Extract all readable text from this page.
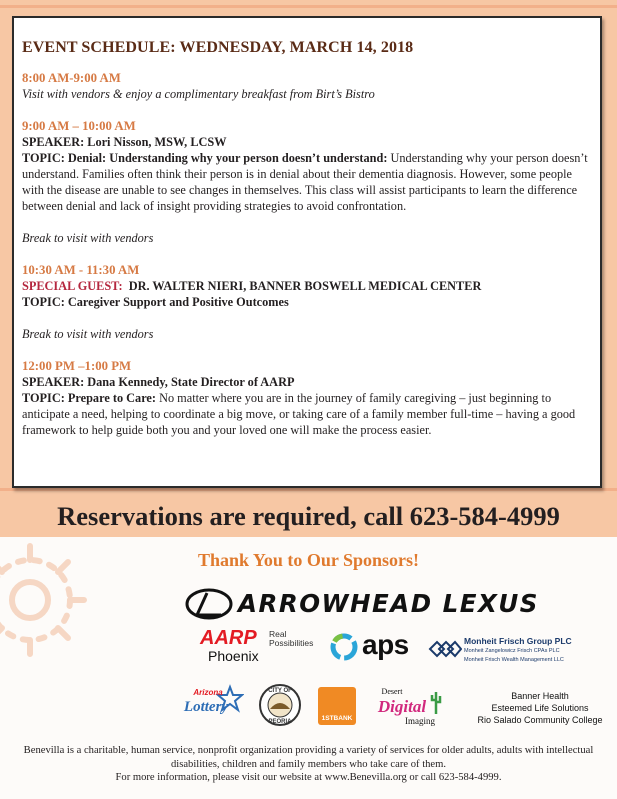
EVENT SCHEDULE: WEDNESDAY, MARCH 14, 2018

8:00 AM-9:00 AM

Visit with vendors & enjoy a complimentary breakfast from Birt’s Bistro

9:00 AM – 10:00 AM

SPEAKER: Lori Nisson, MSW, LCSW

TOPIC: Denial: Understanding why your person doesn’t understand: Understanding why your person doesn’t understand. Families often think their person is in denial about their dementia diagnosis. However, some people with the disease are unable to see changes in themselves. This class will assist participants to learn the difference between denial and lack of insight providing strategies to avoid confrontation.

Break to visit with vendors

10:30 AM - 11:30 AM

SPECIAL GUEST:  DR. WALTER NIERI, BANNER BOSWELL MEDICAL CENTER

TOPIC: Caregiver Support and Positive Outcomes

Break to visit with vendors

12:00 PM –1:00 PM

SPEAKER: Dana Kennedy, State Director of AARP

TOPIC: Prepare to Care: No matter where you are in the journey of family caregiving – just beginning to anticipate a need, helping to coordinate a big move, or taking care of a family member full-time – having a good framework to help guide both you and your loved one will make the process easier.

Reservations are required, call 623-584-4999
Thank You to Our Sponsors!
ARROWHEAD LEXUS
AARP	Real Possibilities
Phoenix	aps	Monheit Frisch Group PLC
Monheit Zangelowicz Frisch CPAs PLC
Monheit Frisch Wealth Management LLC
Arizona
Lottery
CITY OF
PEORIA	1STBANK
Desert
Digital
Imaging
Banner Health
Esteemed Life Solutions
Rio Salado Community College
Benevilla is a charitable, human service, nonprofit organization providing a variety of services for older adults, adults with intellectual disabilities, children and family members who take care of them.
For more information, please visit our website at www.Benevilla.org or call 623-584-4999.
